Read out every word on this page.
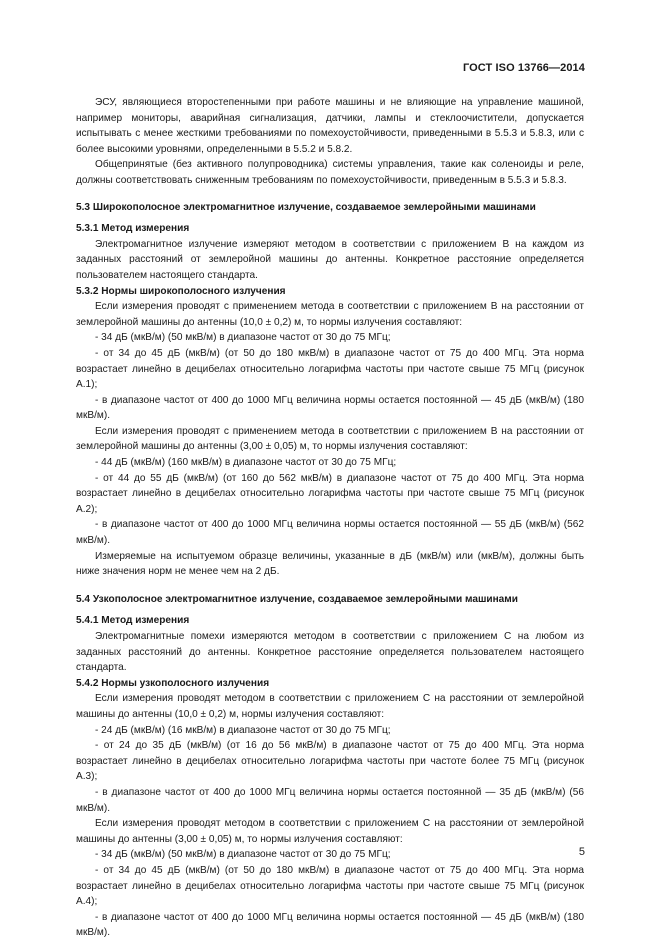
ГОСТ ISO 13766—2014

ЭСУ, являющиеся второстепенными при работе машины и не влияющие на управление машиной, например мониторы, аварийная сигнализация, датчики, лампы и стеклоочистители, допускается испытывать с менее жесткими требованиями по помехоустойчивости, приведенными в 5.5.3 и 5.8.3, или с более высокими уровнями, определенными в 5.5.2 и 5.8.2.

Общепринятые (без активного полупроводника) системы управления, такие как соленоиды и реле, должны соответствовать сниженным требованиям по помехоустойчивости, приведенным в 5.5.3 и 5.8.3.

5.3 Широкополосное электромагнитное излучение, создаваемое землеройными машинами

5.3.1 Метод измерения

Электромагнитное излучение измеряют методом в соответствии с приложением В на каждом из заданных расстояний от землеройной машины до антенны. Конкретное расстояние определяется пользователем настоящего стандарта.

5.3.2 Нормы широкополосного излучения

Если измерения проводят с применением метода в соответствии с приложением В на расстоянии от землеройной машины до антенны (10,0 ± 0,2) м, то нормы излучения составляют:

- 34 дБ (мкВ/м) (50 мкВ/м) в диапазоне частот от 30 до 75 МГц;

- от 34 до 45 дБ (мкВ/м) (от 50 до 180 мкВ/м) в диапазоне частот от 75 до 400 МГц. Эта норма возрастает линейно в децибелах относительно логарифма частоты при частоте свыше 75 МГц (рисунок А.1);

- в диапазоне частот от 400 до 1000 МГц величина нормы остается постоянной — 45 дБ (мкВ/м) (180 мкВ/м).

Если измерения проводят с применением метода в соответствии с приложением В на расстоянии от землеройной машины до антенны (3,00 ± 0,05) м, то нормы излучения составляют:

- 44 дБ (мкВ/м) (160 мкВ/м) в диапазоне частот от 30 до 75 МГц;

- от 44 до 55 дБ (мкВ/м) (от 160 до 562 мкВ/м) в диапазоне частот от 75 до 400 МГц. Эта норма возрастает линейно в децибелах относительно логарифма частоты при частоте свыше 75 МГц (рисунок А.2);

- в диапазоне частот от 400 до 1000 МГц величина нормы остается постоянной — 55 дБ (мкВ/м) (562 мкВ/м).

Измеряемые на испытуемом образце величины, указанные в дБ (мкВ/м) или (мкВ/м), должны быть ниже значения норм не менее чем на 2 дБ.

5.4 Узкополосное электромагнитное излучение, создаваемое землеройными машинами

5.4.1 Метод измерения

Электромагнитные помехи измеряются методом в соответствии с приложением С на любом из заданных расстояний до антенны. Конкретное расстояние определяется пользователем настоящего стандарта.

5.4.2 Нормы узкополосного излучения

Если измерения проводят методом в соответствии с приложением С на расстоянии от землеройной машины до антенны (10,0 ± 0,2) м, нормы излучения составляют:

- 24 дБ (мкВ/м) (16 мкВ/м) в диапазоне частот от 30 до 75 МГц;

- от 24 до 35 дБ (мкВ/м) (от 16 до 56 мкВ/м) в диапазоне частот от 75 до 400 МГц. Эта норма возрастает линейно в децибелах относительно логарифма частоты при частоте более 75 МГц (рисунок А.3);

- в диапазоне частот от 400 до 1000 МГц величина нормы остается постоянной — 35 дБ (мкВ/м) (56 мкВ/м).

Если измерения проводят методом в соответствии с приложением С на расстоянии от землеройной машины до антенны (3,00 ± 0,05) м, то нормы излучения составляют:

- 34 дБ (мкВ/м) (50 мкВ/м) в диапазоне частот от 30 до 75 МГц;

- от 34 до 45 дБ (мкВ/м) (от 50 до 180 мкВ/м) в диапазоне частот от 75 до 400 МГц. Эта норма возрастает линейно в децибелах относительно логарифма частоты при частоте свыше 75 МГц (рисунок А.4);

- в диапазоне частот от 400 до 1000 МГц величина нормы остается постоянной — 45 дБ (мкВ/м) (180 мкВ/м).

5
